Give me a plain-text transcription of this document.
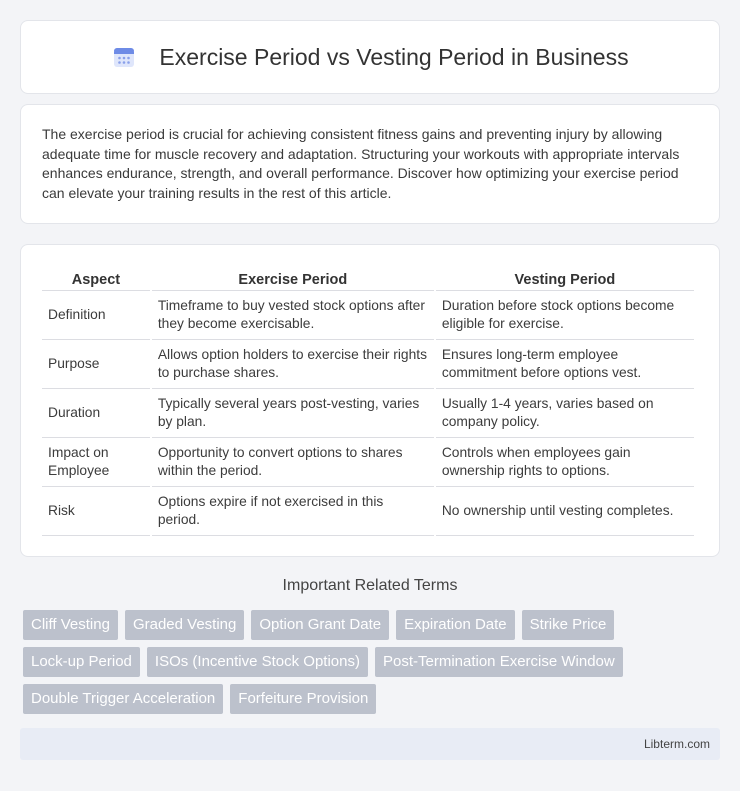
Exercise Period vs Vesting Period in Business

The exercise period is crucial for achieving consistent fitness gains and preventing injury by allowing adequate time for muscle recovery and adaptation. Structuring your workouts with appropriate intervals enhances endurance, strength, and overall performance. Discover how optimizing your exercise period can elevate your training results in the rest of this article.

Aspect	Exercise Period	Vesting Period
Definition	Timeframe to buy vested stock options after they become exercisable.	Duration before stock options become eligible for exercise.
Purpose	Allows option holders to exercise their rights to purchase shares.	Ensures long-term employee commitment before options vest.
Duration	Typically several years post-vesting, varies by plan.	Usually 1-4 years, varies based on company policy.
Impact on Employee	Opportunity to convert options to shares within the period.	Controls when employees gain ownership rights to options.
Risk	Options expire if not exercised in this period.	No ownership until vesting completes.
Important Related Terms
Cliff Vesting	Graded Vesting	Option Grant Date	Expiration Date	Strike Price
Lock-up Period	ISOs (Incentive Stock Options)	Post-Termination Exercise Window
Double Trigger Acceleration	Forfeiture Provision
Libterm.com
